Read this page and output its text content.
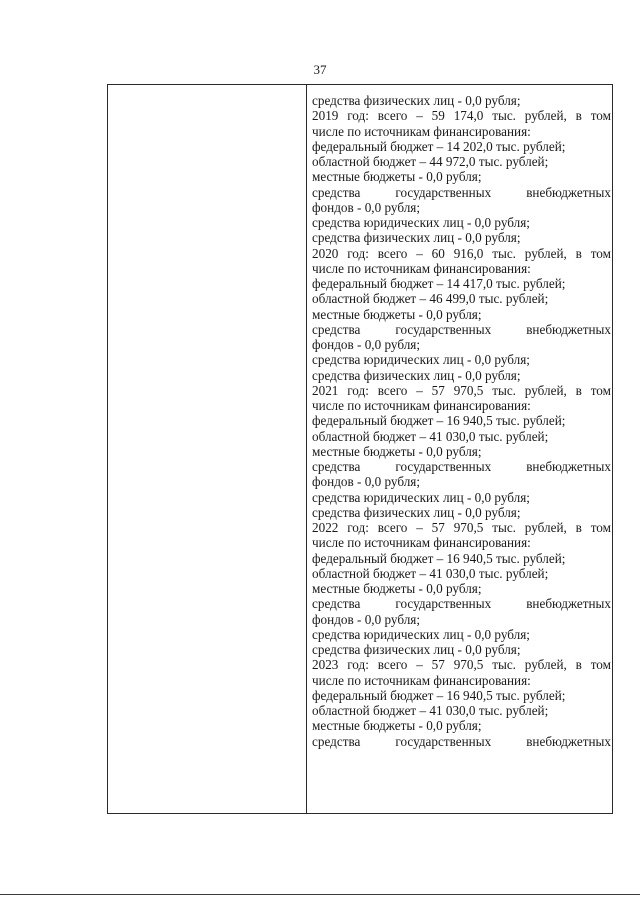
37
средства физических лиц - 0,0 рубля;
2019 год: всего – 59 174,0 тыс. рублей, в том
числе по источникам финансирования:
федеральный бюджет – 14 202,0 тыс. рублей;
областной бюджет – 44 972,0 тыс. рублей;
местные бюджеты - 0,0 рубля;
средства государственных внебюджетных
фондов - 0,0 рубля;
средства юридических лиц - 0,0 рубля;
средства физических лиц - 0,0 рубля;
2020 год: всего – 60 916,0 тыс. рублей, в том
числе по источникам финансирования:
федеральный бюджет – 14 417,0 тыс. рублей;
областной бюджет – 46 499,0 тыс. рублей;
местные бюджеты - 0,0 рубля;
средства государственных внебюджетных
фондов - 0,0 рубля;
средства юридических лиц - 0,0 рубля;
средства физических лиц - 0,0 рубля;
2021 год: всего – 57 970,5 тыс. рублей, в том
числе по источникам финансирования:
федеральный бюджет – 16 940,5 тыс. рублей;
областной бюджет – 41 030,0 тыс. рублей;
местные бюджеты - 0,0 рубля;
средства государственных внебюджетных
фондов - 0,0 рубля;
средства юридических лиц - 0,0 рубля;
средства физических лиц - 0,0 рубля;
2022 год: всего – 57 970,5 тыс. рублей, в том
числе по источникам финансирования:
федеральный бюджет – 16 940,5 тыс. рублей;
областной бюджет – 41 030,0 тыс. рублей;
местные бюджеты - 0,0 рубля;
средства государственных внебюджетных
фондов - 0,0 рубля;
средства юридических лиц - 0,0 рубля;
средства физических лиц - 0,0 рубля;
2023 год: всего – 57 970,5 тыс. рублей, в том
числе по источникам финансирования:
федеральный бюджет – 16 940,5 тыс. рублей;
областной бюджет – 41 030,0 тыс. рублей;
местные бюджеты - 0,0 рубля;
средства государственных внебюджетных
